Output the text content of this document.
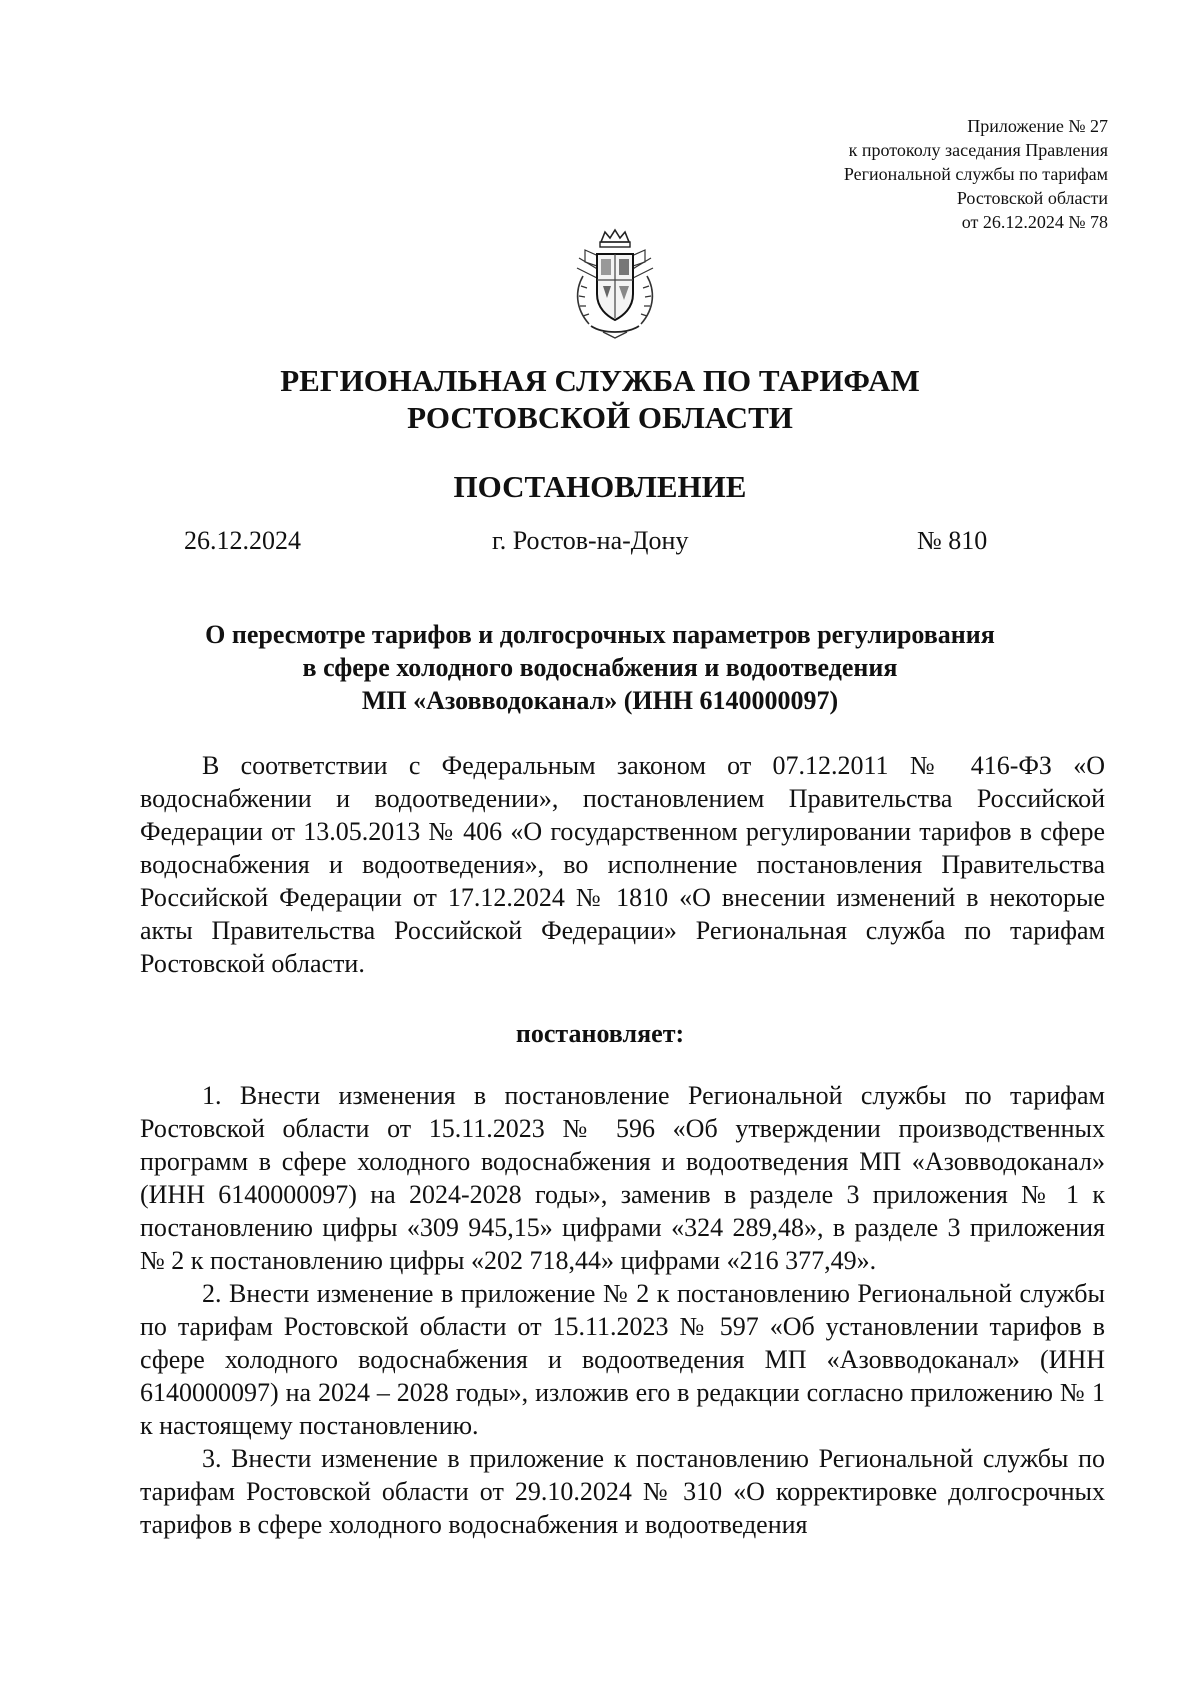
Приложение № 27
к протоколу заседания Правления
Региональной службы по тарифам
Ростовской области
от 26.12.2024 № 78
РЕГИОНАЛЬНАЯ СЛУЖБА ПО ТАРИФАМ
РОСТОВСКОЙ ОБЛАСТИ
ПОСТАНОВЛЕНИЕ
26.12.2024	г. Ростов-на-Дону	№ 810
О пересмотре тарифов и долгосрочных параметров регулирования
в сфере холодного водоснабжения и водоотведения
МП «Азовводоканал» (ИНН 6140000097)

В соответствии с Федеральным законом от 07.12.2011 № 416-ФЗ «О водоснабжении и водоотведении», постановлением Правительства Российской Федерации от 13.05.2013 № 406 «О государственном регулировании тарифов в сфере водоснабжения и водоотведения», во исполнение постановления Правительства Российской Федерации от 17.12.2024 № 1810 «О внесении изменений в некоторые акты Правительства Российской Федерации» Региональная служба по тарифам Ростовской области.

постановляет:

1. Внести изменения в постановление Региональной службы по тарифам Ростовской области от 15.11.2023 № 596 «Об утверждении производственных программ в сфере холодного водоснабжения и водоотведения МП «Азовводоканал» (ИНН 6140000097) на 2024-2028 годы», заменив в разделе 3 приложения № 1 к постановлению цифры «309 945,15» цифрами «324 289,48», в разделе 3 приложения № 2 к постановлению цифры «202 718,44» цифрами «216 377,49».

2. Внести изменение в приложение № 2 к постановлению Региональной службы по тарифам Ростовской области от 15.11.2023 № 597 «Об установлении тарифов в сфере холодного водоснабжения и водоотведения МП «Азовводоканал» (ИНН 6140000097) на 2024 – 2028 годы», изложив его в редакции согласно приложению № 1 к настоящему постановлению.

3. Внести изменение в приложение к постановлению Региональной службы по тарифам Ростовской области от 29.10.2024 № 310 «О корректировке долгосрочных тарифов в сфере холодного водоснабжения и водоотведения
